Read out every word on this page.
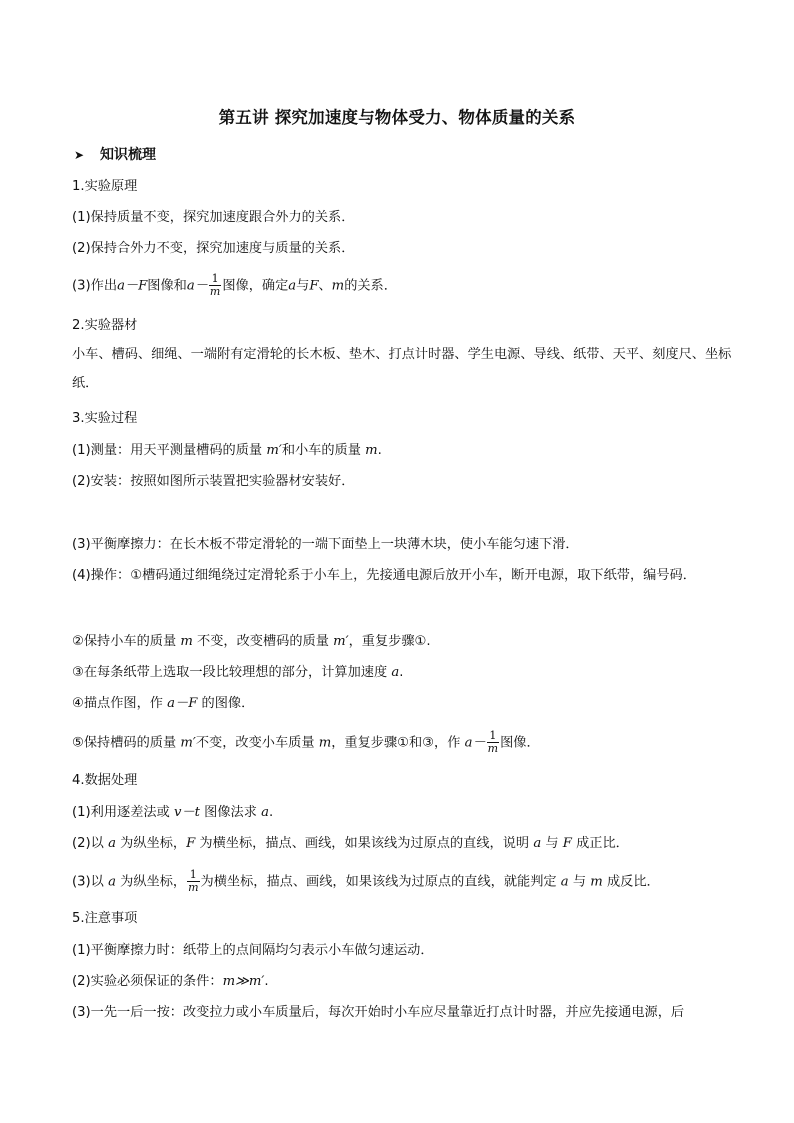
第五讲 探究加速度与物体受力、物体质量的关系
➤ 知识梳理
1.实验原理
(1)保持质量不变，探究加速度跟合外力的关系．
(2)保持合外力不变，探究加速度与质量的关系．
(3)作出a－F图像和$a- \frac{1}{m}$ 图像，确定a与F、m的关系．
2.实验器材
小车、槽码、细绳、一端附有定滑轮的长木板、垫木、打点计时器、学生电源、导线、纸带、天平、刻度尺、坐标纸．
3.实验过程
(1)测量：用天平测量槽码的质量 m′和小车的质量 m.
(2)安装：按照如图所示装置把实验器材安装好．
(3)平衡摩擦力：在长木板不带定滑轮的一端下面垫上一块薄木块，使小车能匀速下滑．
(4)操作：①槽码通过细绳绕过定滑轮系于小车上，先接通电源后放开小车，断开电源，取下纸带，编号码．
②保持小车的质量 m 不变，改变槽码的质量 m′，重复步骤①.
③在每条纸带上选取一段比较理想的部分，计算加速度 a.
④描点作图，作 a－F 的图像．
⑤保持槽码的质量 m′不变，改变小车质量 m，重复步骤①和③，作 $a- \frac{1}{m}$ 图像．
4.数据处理
(1)利用逐差法或 v－t 图像法求 a.
(2)以 a 为纵坐标，F 为横坐标，描点、画线，如果该线为过原点的直线，说明 a 与 F 成正比．
(3)以 a 为纵坐标， $\frac{1}{m}$ 为横坐标，描点、画线，如果该线为过原点的直线，就能判定 a 与 m 成反比．
5.注意事项
(1)平衡摩擦力时：纸带上的点间隔均匀表示小车做匀速运动．
(2)实验必须保证的条件：m≫m′.
(3)一先一后一按：改变拉力或小车质量后，每次开始时小车应尽量靠近打点计时器，并应先接通电源，后
